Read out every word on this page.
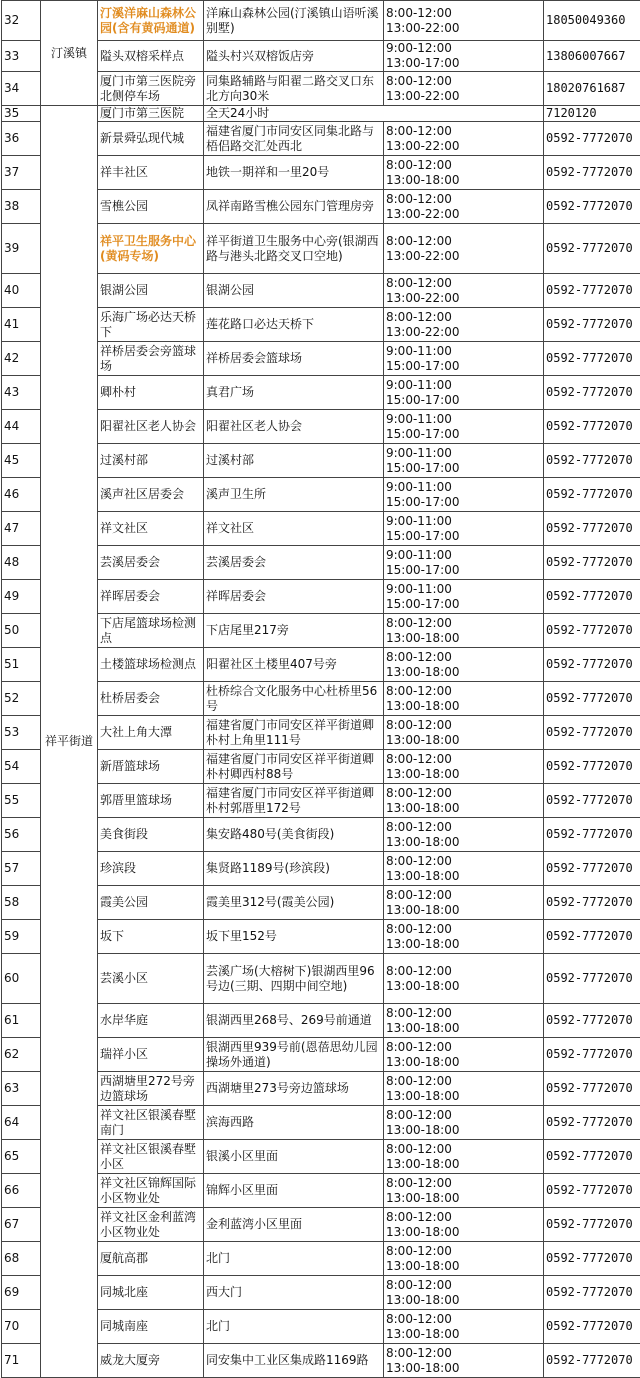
32	汀溪镇	汀溪洋麻山森林公园(含有黄码通道)	洋麻山森林公园(汀溪镇山语听溪别墅)	8:00-12:00
13:00-22:00	18050049360
33		隘头双榕采样点	隘头村兴双榕饭店旁	9:00-12:00
13:00-17:00	13806007667
34		厦门市第三医院旁北侧停车场	同集路辅路与阳翟二路交叉口东北方向30米	8:00-12:00
13:00-22:00	18020761687
35	祥平街道	厦门市第三医院	全天24小时		7120120
36		新景舜弘现代城	福建省厦门市同安区同集北路与梧侣路交汇处西北	8:00-12:00
13:00-22:00	0592-7772070
37		祥丰社区	地铁一期祥和一里20号	8:00-12:00
13:00-18:00	0592-7772070
38		雪樵公园	凤祥南路雪樵公园东门管理房旁	8:00-12:00
13:00-22:00	0592-7772070
39		祥平卫生服务中心(黄码专场)	祥平街道卫生服务中心旁(银湖西路与港头北路交叉口空地)	8:00-12:00
13:00-22:00	0592-7772070
40		银湖公园	银湖公园	8:00-12:00
13:00-22:00	0592-7772070
41		乐海广场必达天桥下	莲花路口必达天桥下	8:00-12:00
13:00-22:00	0592-7772070
42		祥桥居委会旁篮球场	祥桥居委会篮球场	9:00-11:00
15:00-17:00	0592-7772070
43		卿朴村	真君广场	9:00-11:00
15:00-17:00	0592-7772070
44		阳翟社区老人协会	阳翟社区老人协会	9:00-11:00
15:00-17:00	0592-7772070
45		过溪村部	过溪村部	9:00-11:00
15:00-17:00	0592-7772070
46		溪声社区居委会	溪声卫生所	9:00-11:00
15:00-17:00	0592-7772070
47		祥文社区	祥文社区	9:00-11:00
15:00-17:00	0592-7772070
48		芸溪居委会	芸溪居委会	9:00-11:00
15:00-17:00	0592-7772070
49		祥晖居委会	祥晖居委会	9:00-11:00
15:00-17:00	0592-7772070
50		下店尾篮球场检测点	下店尾里217旁	8:00-12:00
13:00-18:00	0592-7772070
51		土楼篮球场检测点	阳翟社区土楼里407号旁	8:00-12:00
13:00-18:00	0592-7772070
52		杜桥居委会	杜桥综合文化服务中心杜桥里56号	8:00-12:00
13:00-18:00	0592-7772070
53		大社上角大潭	福建省厦门市同安区祥平街道卿朴村上角里111号	8:00-12:00
13:00-18:00	0592-7772070
54		新厝篮球场	福建省厦门市同安区祥平街道卿朴村卿西村88号	8:00-12:00
13:00-18:00	0592-7772070
55		郭厝里篮球场	福建省厦门市同安区祥平街道卿朴村郭厝里172号	8:00-12:00
13:00-18:00	0592-7772070
56		美食街段	集安路480号(美食街段)	8:00-12:00
13:00-18:00	0592-7772070
57		珍滨段	集贤路1189号(珍滨段)	8:00-12:00
13:00-18:00	0592-7772070
58		霞美公园	霞美里312号(霞美公园)	8:00-12:00
13:00-18:00	0592-7772070
59		坂下	坂下里152号	8:00-12:00
13:00-18:00	0592-7772070
60		芸溪小区	芸溪广场(大榕树下)银湖西里96号边(三期、四期中间空地)	8:00-12:00
13:00-18:00	0592-7772070
61		水岸华庭	银湖西里268号、269号前通道	8:00-12:00
13:00-18:00	0592-7772070
62		瑞祥小区	银湖西里939号前(恩蓓思幼儿园操场外通道)	8:00-12:00
13:00-18:00	0592-7772070
63		西湖塘里272号旁边篮球场	西湖塘里273号旁边篮球场	8:00-12:00
13:00-18:00	0592-7772070
64		祥文社区银溪春墅南门	滨海西路	8:00-12:00
13:00-18:00	0592-7772070
65		祥文社区银溪春墅小区	银溪小区里面	8:00-12:00
13:00-18:00	0592-7772070
66		祥文社区锦辉国际小区物业处	锦辉小区里面	8:00-12:00
13:00-18:00	0592-7772070
67		祥文社区金利蓝湾小区物业处	金利蓝湾小区里面	8:00-12:00
13:00-18:00	0592-7772070
68		厦航高郡	北门	8:00-12:00
13:00-18:00	0592-7772070
69		同城北座	西大门	8:00-12:00
13:00-18:00	0592-7772070
70		同城南座	北门	8:00-12:00
13:00-18:00	0592-7772070
71		威龙大厦旁	同安集中工业区集成路1169路	8:00-12:00
13:00-18:00	0592-7772070
